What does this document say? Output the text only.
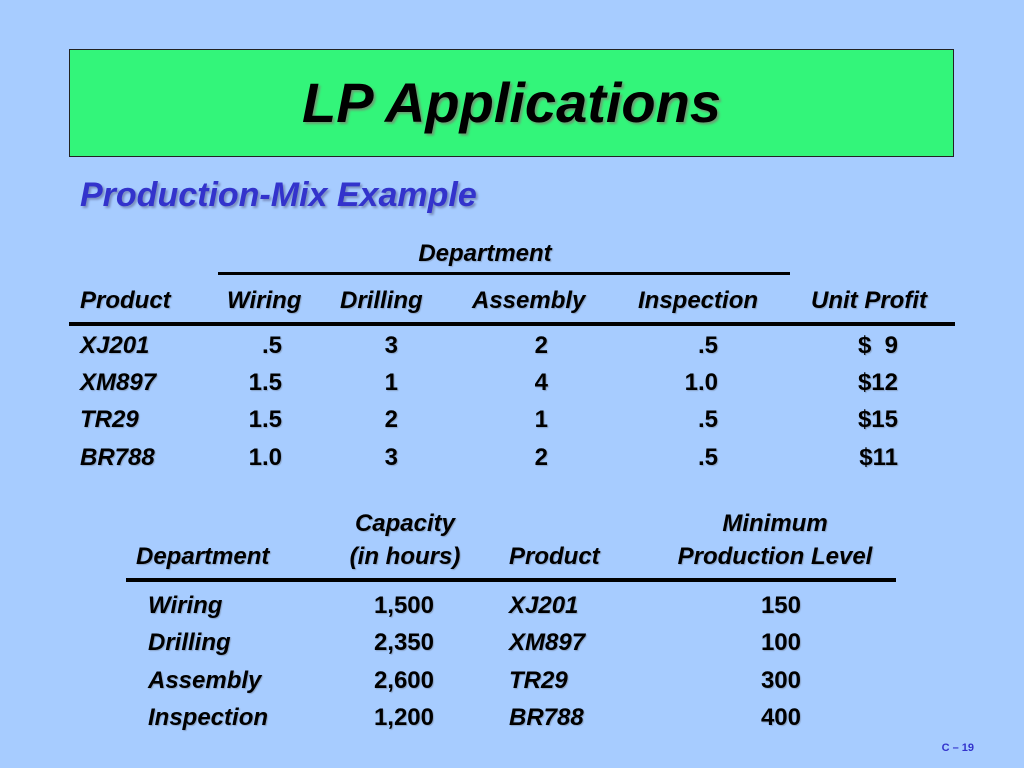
LP Applications
Production-Mix Example
Department
Product Wiring Drilling Assembly Inspection Unit Profit
XJ201	.5	3	2	.5	$  9
XM897	1.5	1	4	1.0	$12
TR29	1.5	2	1	.5	$15
BR788	1.0	3	2	.5	$11
Capacity	Minimum
Department	(in hours)	Product	Production Level
Wiring	1,500	XJ201	150
Drilling	2,350	XM897	100
Assembly	2,600	TR29	300
Inspection	1,200	BR788	400
C – 19
